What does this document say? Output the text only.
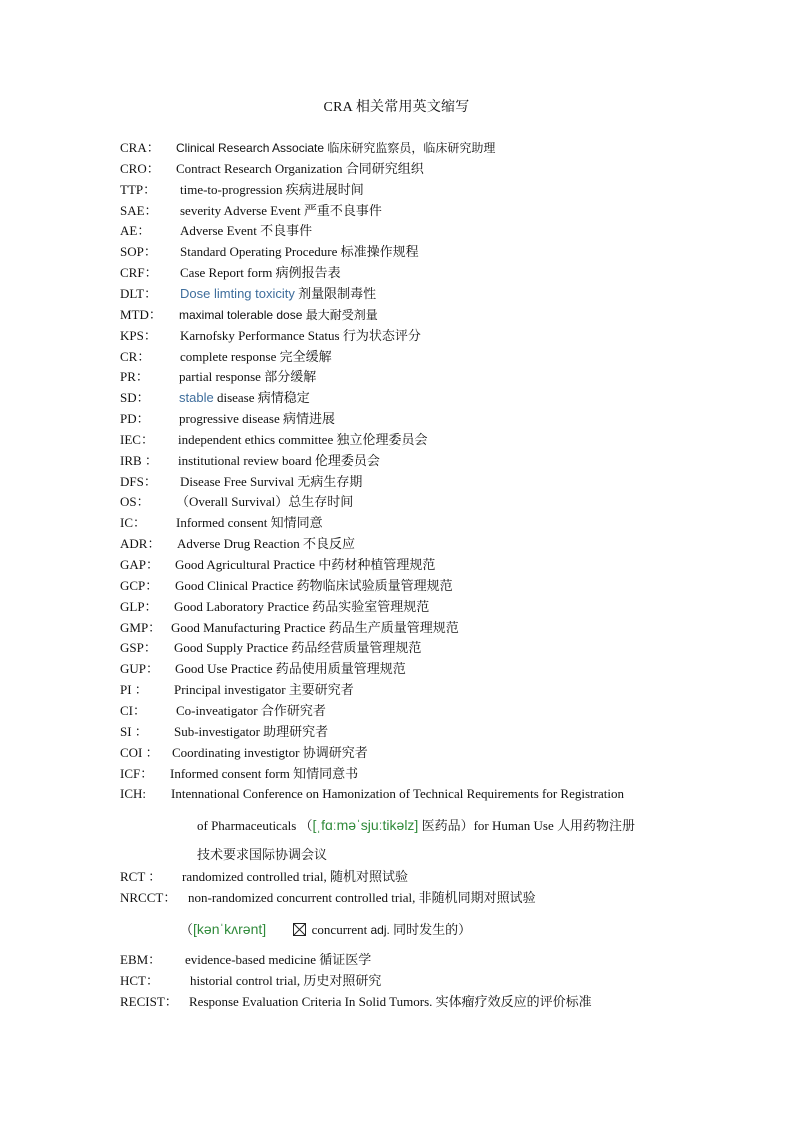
CRA 相关常用英文缩写
CRA： Clinical Research Associate 临床研究监察员，临床研究助理
CRO： Contract Research Organization 合同研究组织
TTP： time-to-progression 疾病进展时间
SAE： severity Adverse Event 严重不良事件
AE： Adverse Event 不良事件
SOP： Standard Operating Procedure 标准操作规程
CRF： Case Report form 病例报告表
DLT： Dose limting toxicity 剂量限制毒性
MTD： maximal tolerable dose 最大耐受剂量
KPS： Karnofsky Performance Status 行为状态评分
CR： complete response 完全缓解
PR： partial response 部分缓解
SD： stable disease 病情稳定
PD： progressive disease 病情进展
IEC： independent ethics committee 独立伦理委员会
IRB ： institutional review board 伦理委员会
DFS： Disease Free Survival 无病生存期
OS： （Overall Survival）总生存时间
IC： Informed consent 知情同意
ADR： Adverse Drug Reaction 不良反应
GAP： Good Agricultural Practice 中药材种植管理规范
GCP： Good Clinical Practice 药物临床试验质量管理规范
GLP： Good Laboratory Practice 药品实验室管理规范
GMP： Good Manufacturing Practice 药品生产质量管理规范
GSP： Good Supply Practice 药品经营质量管理规范
GUP： Good Use Practice 药品使用质量管理规范
PI ： Principal investigator 主要研究者
CI： Co-inveatigator 合作研究者
SI ： Sub-investigator 助理研究者
COI ： Coordinating investigtor 协调研究者
ICF： Informed consent form 知情同意书
ICH: Intennational Conference on Hamonization of Technical Requirements for Registration
of Pharmaceuticals （[ˌfɑːməˈsjuːtikəlz] 医药品）for Human Use 人用药物注册
技术要求国际协调会议
RCT ： randomized controlled trial, 随机对照试验
NRCCT： non-randomized concurrent controlled trial, 非随机同期对照试验
（[kənˈkʌrənt]	concurrent adj. 同时发生的）
EBM： evidence-based medicine 循证医学
HCT： historial control trial, 历史对照研究
RECIST： Response Evaluation Criteria In Solid Tumors. 实体瘤疗效反应的评价标准
